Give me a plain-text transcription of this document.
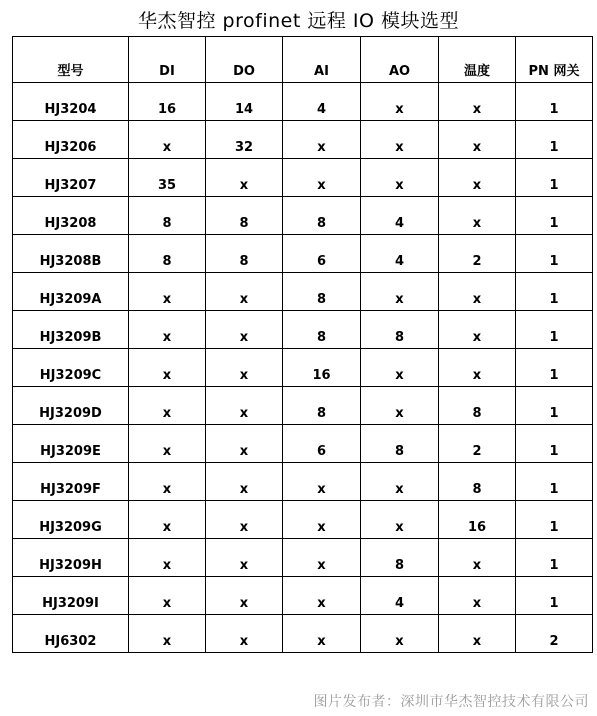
华杰智控 profinet 远程 IO 模块选型
型号	DI	DO	AI	AO	温度	PN 网关
HJ3204	16	14	4	x	x	1
HJ3206	x	32	x	x	x	1
HJ3207	35	x	x	x	x	1
HJ3208	8	8	8	4	x	1
HJ3208B	8	8	6	4	2	1
HJ3209A	x	x	8	x	x	1
HJ3209B	x	x	8	8	x	1
HJ3209C	x	x	16	x	x	1
HJ3209D	x	x	8	x	8	1
HJ3209E	x	x	6	8	2	1
HJ3209F	x	x	x	x	8	1
HJ3209G	x	x	x	x	16	1
HJ3209H	x	x	x	8	x	1
HJ3209I	x	x	x	4	x	1
HJ6302	x	x	x	x	x	2
图片发布者：深圳市华杰智控技术有限公司
